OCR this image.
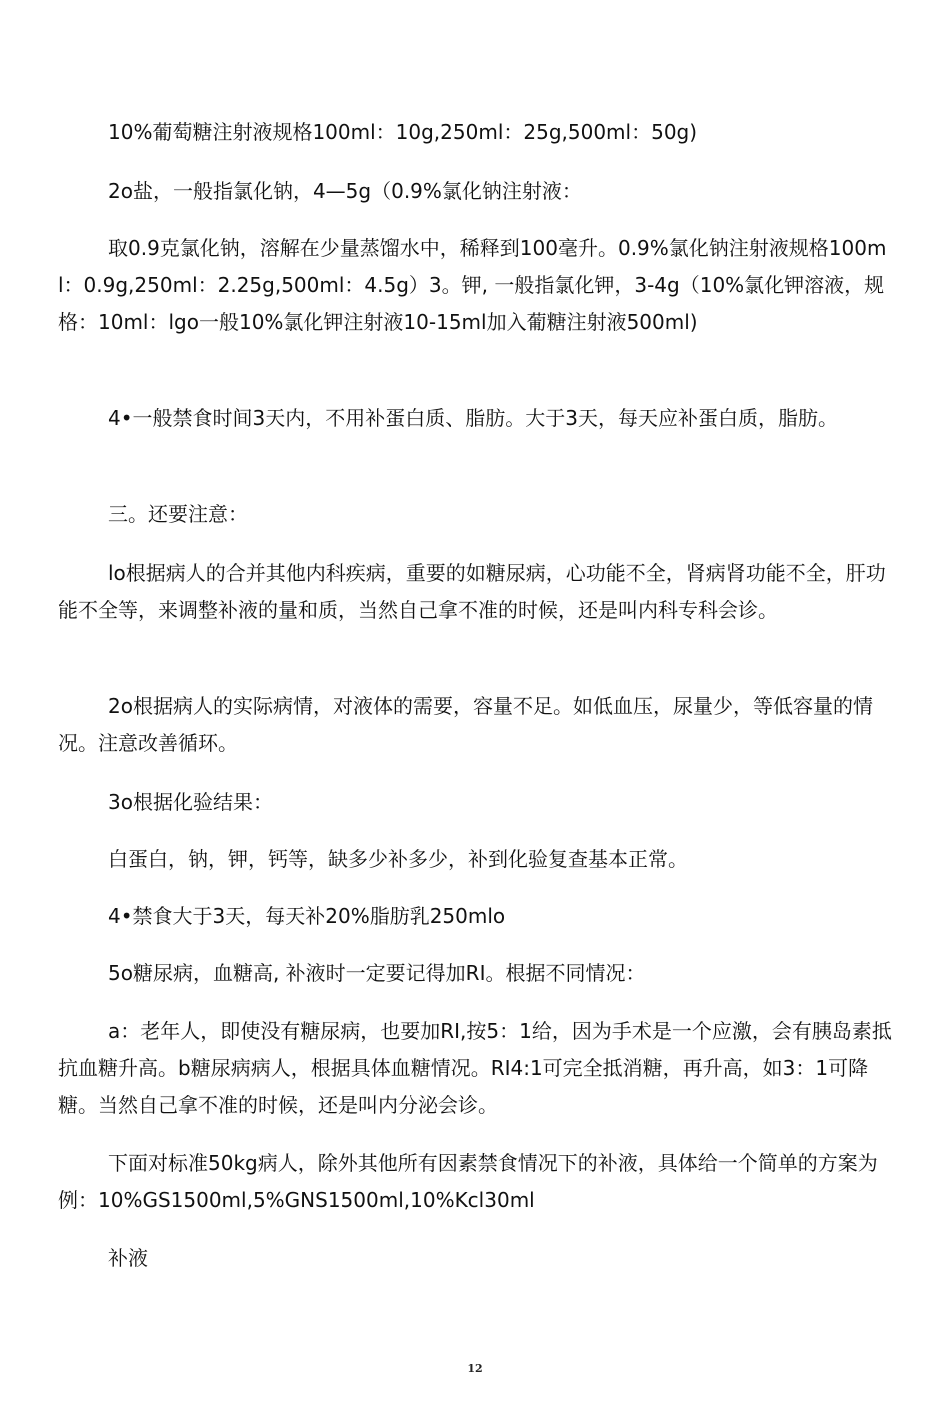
10%葡萄糖注射液规格100ml：10g,250ml：25g,500ml：50g)

2o盐，一般指氯化钠，4—5g（0.9%氯化钠注射液：

取0.9克氯化钠，溶解在少量蒸馏水中，稀释到100毫升。0.9%氯化钠注射液规格100ml：0.9g,250ml：2.25g,500ml：4.5g）3。钾, 一般指氯化钾，3-4g（10%氯化钾溶液，规格：10ml：lgo一般10%氯化钾注射液10-15ml加入葡糖注射液500ml)

4•一般禁食时间3天内，不用补蛋白质、脂肪。大于3天，每天应补蛋白质，脂肪。

三。还要注意：

lo根据病人的合并其他内科疾病，重要的如糖尿病，心功能不全，肾病肾功能不全，肝功能不全等，来调整补液的量和质，当然自己拿不准的时候，还是叫内科专科会诊。

2o根据病人的实际病情，对液体的需要，容量不足。如低血压，尿量少，等低容量的情况。注意改善循环。

3o根据化验结果：

白蛋白，钠，钾，钙等，缺多少补多少，补到化验复查基本正常。

4•禁食大于3天，每天补20%脂肪乳250mlo

5o糖尿病，血糖高, 补液时一定要记得加RI。根据不同情况：

a：老年人，即使没有糖尿病，也要加RI,按5：1给，因为手术是一个应激，会有胰岛素抵抗血糖升高。b糖尿病病人，根据具体血糖情况。RI4:1可完全抵消糖，再升高，如3：1可降糖。当然自己拿不准的时候，还是叫内分泌会诊。

下面对标准50kg病人，除外其他所有因素禁食情况下的补液，具体给一个简单的方案为例：10%GS1500ml,5%GNS1500ml,10%Kcl30ml

补液

12
